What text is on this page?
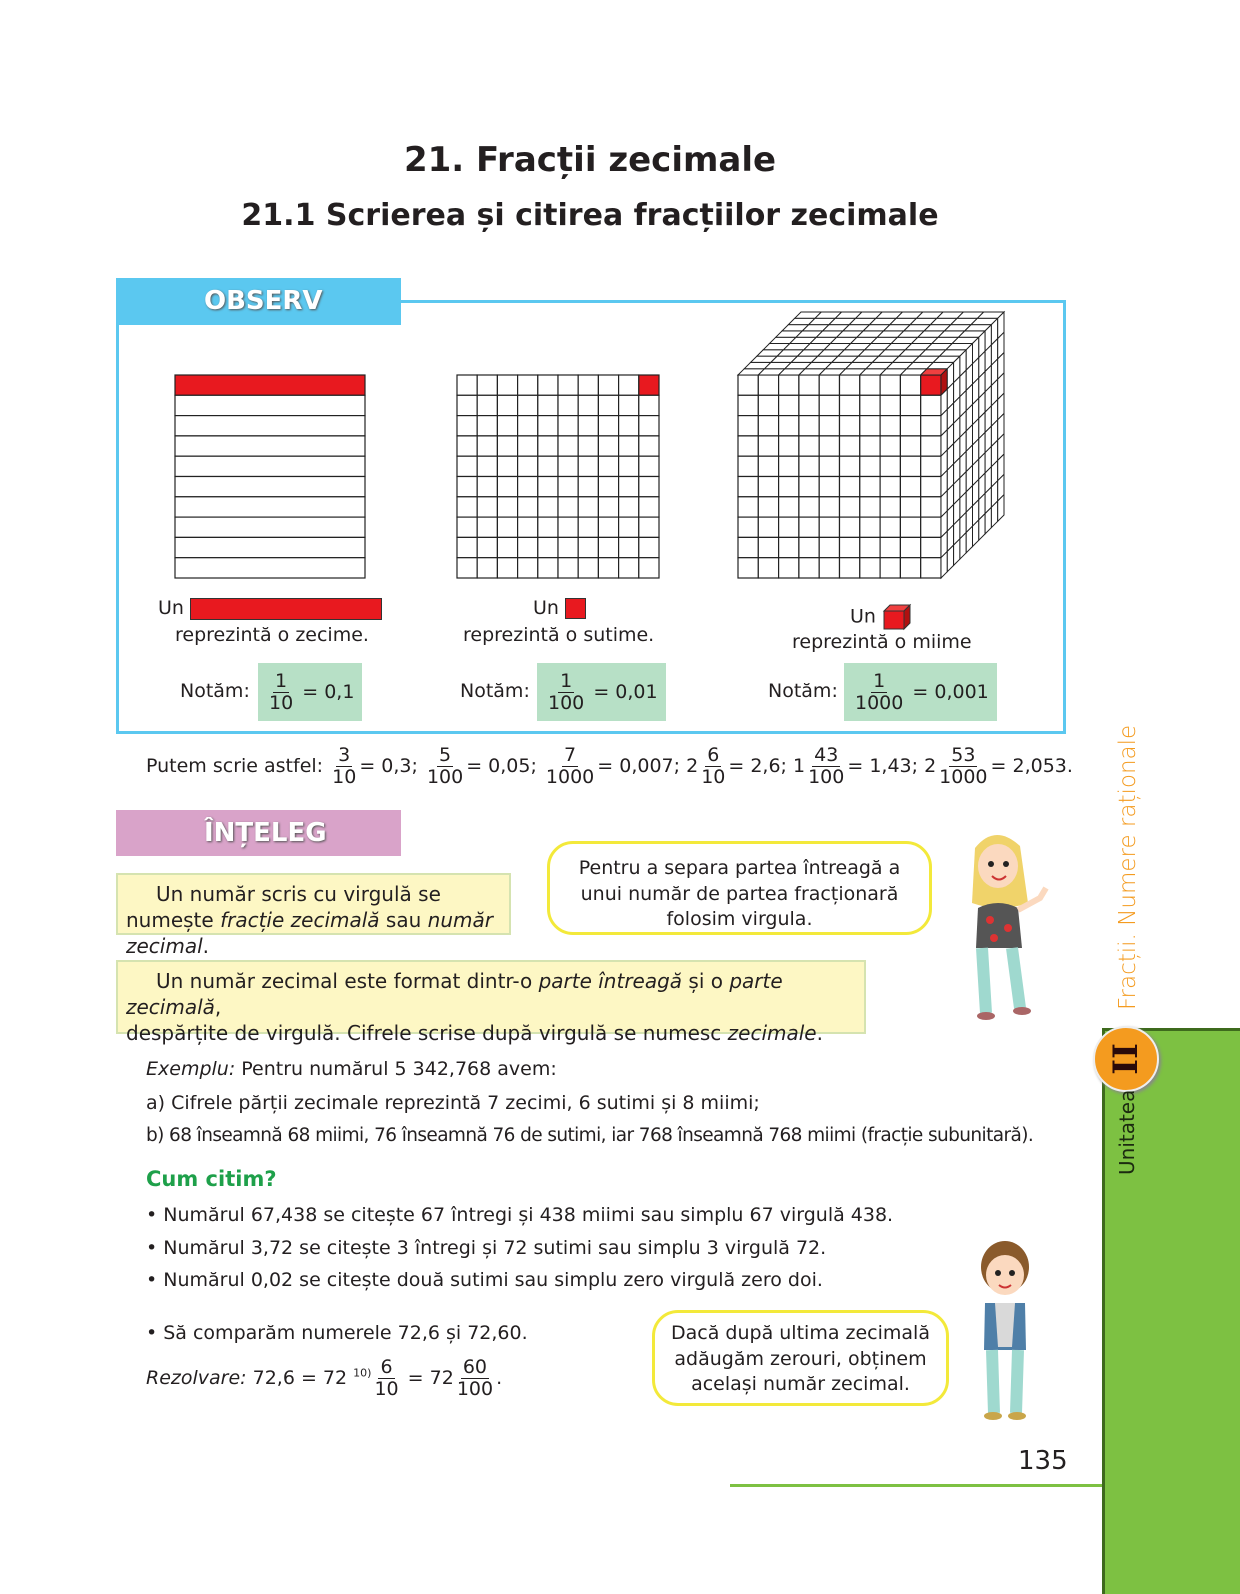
21. Fracții zecimale
21.1 Scrierea și citirea fracțiilor zecimale
OBSERV
Un
reprezintă o zecime.
Un
reprezintă o sutime.
Un
reprezintă o miime
Notăm: $\frac{1}{10}$
= 0,1	Notăm: $\frac{1}{100}$
= 0,01	Notăm: $\frac{1}{1000}$
= 0,001
Putem scrie astfel: $\frac{3}{10} = 0,3$; $\frac{5}{100} = 0,05$; $\frac{7}{1000} = 0,007$; $2 \frac{6}{10} = 2,6$; $1 \frac{43}{100} = 1,43$; $2 \frac{53}{1000} = 2,053$.
ÎNȚELEG
Un număr scris cu virgulă se numește fracție zecimală sau număr zecimal.
Pentru a separa partea întreagă a unui număr de partea fracționară folosim virgula.
Un număr zecimal este format dintr-o parte întreagă și o parte zecimală,
despărțite de virgulă. Cifrele scrise după virgulă se numesc zecimale.
Exemplu: Pentru numărul 5 342,768 avem:
a) Cifrele părții zecimale reprezintă 7 zecimi, 6 sutimi și 8 miimi;
b) 68 înseamnă 68 miimi, 76 înseamnă 76 de sutimi, iar 768 înseamnă 768 miimi (fracție subunitară).
Cum citim?
• Numărul 67,438 se citește 67 întregi și 438 miimi sau simplu 67 virgulă 438.
• Numărul 3,72 se citește 3 întregi și 72 sutimi sau simplu 3 virgulă 72.
• Numărul 0,02 se citește două sutimi sau simplu zero virgulă zero doi.
• Să comparăm numerele 72,6 și 72,60.
Rezolvare: 72,6 = 72 $^{10)} \frac{6}{10} = 72 \frac{60}{100}$ .
Dacă după ultima zecimală adăugăm zerouri, obținem același număr zecimal.
135
II
Unitatea
Fracții. Numere raționale
